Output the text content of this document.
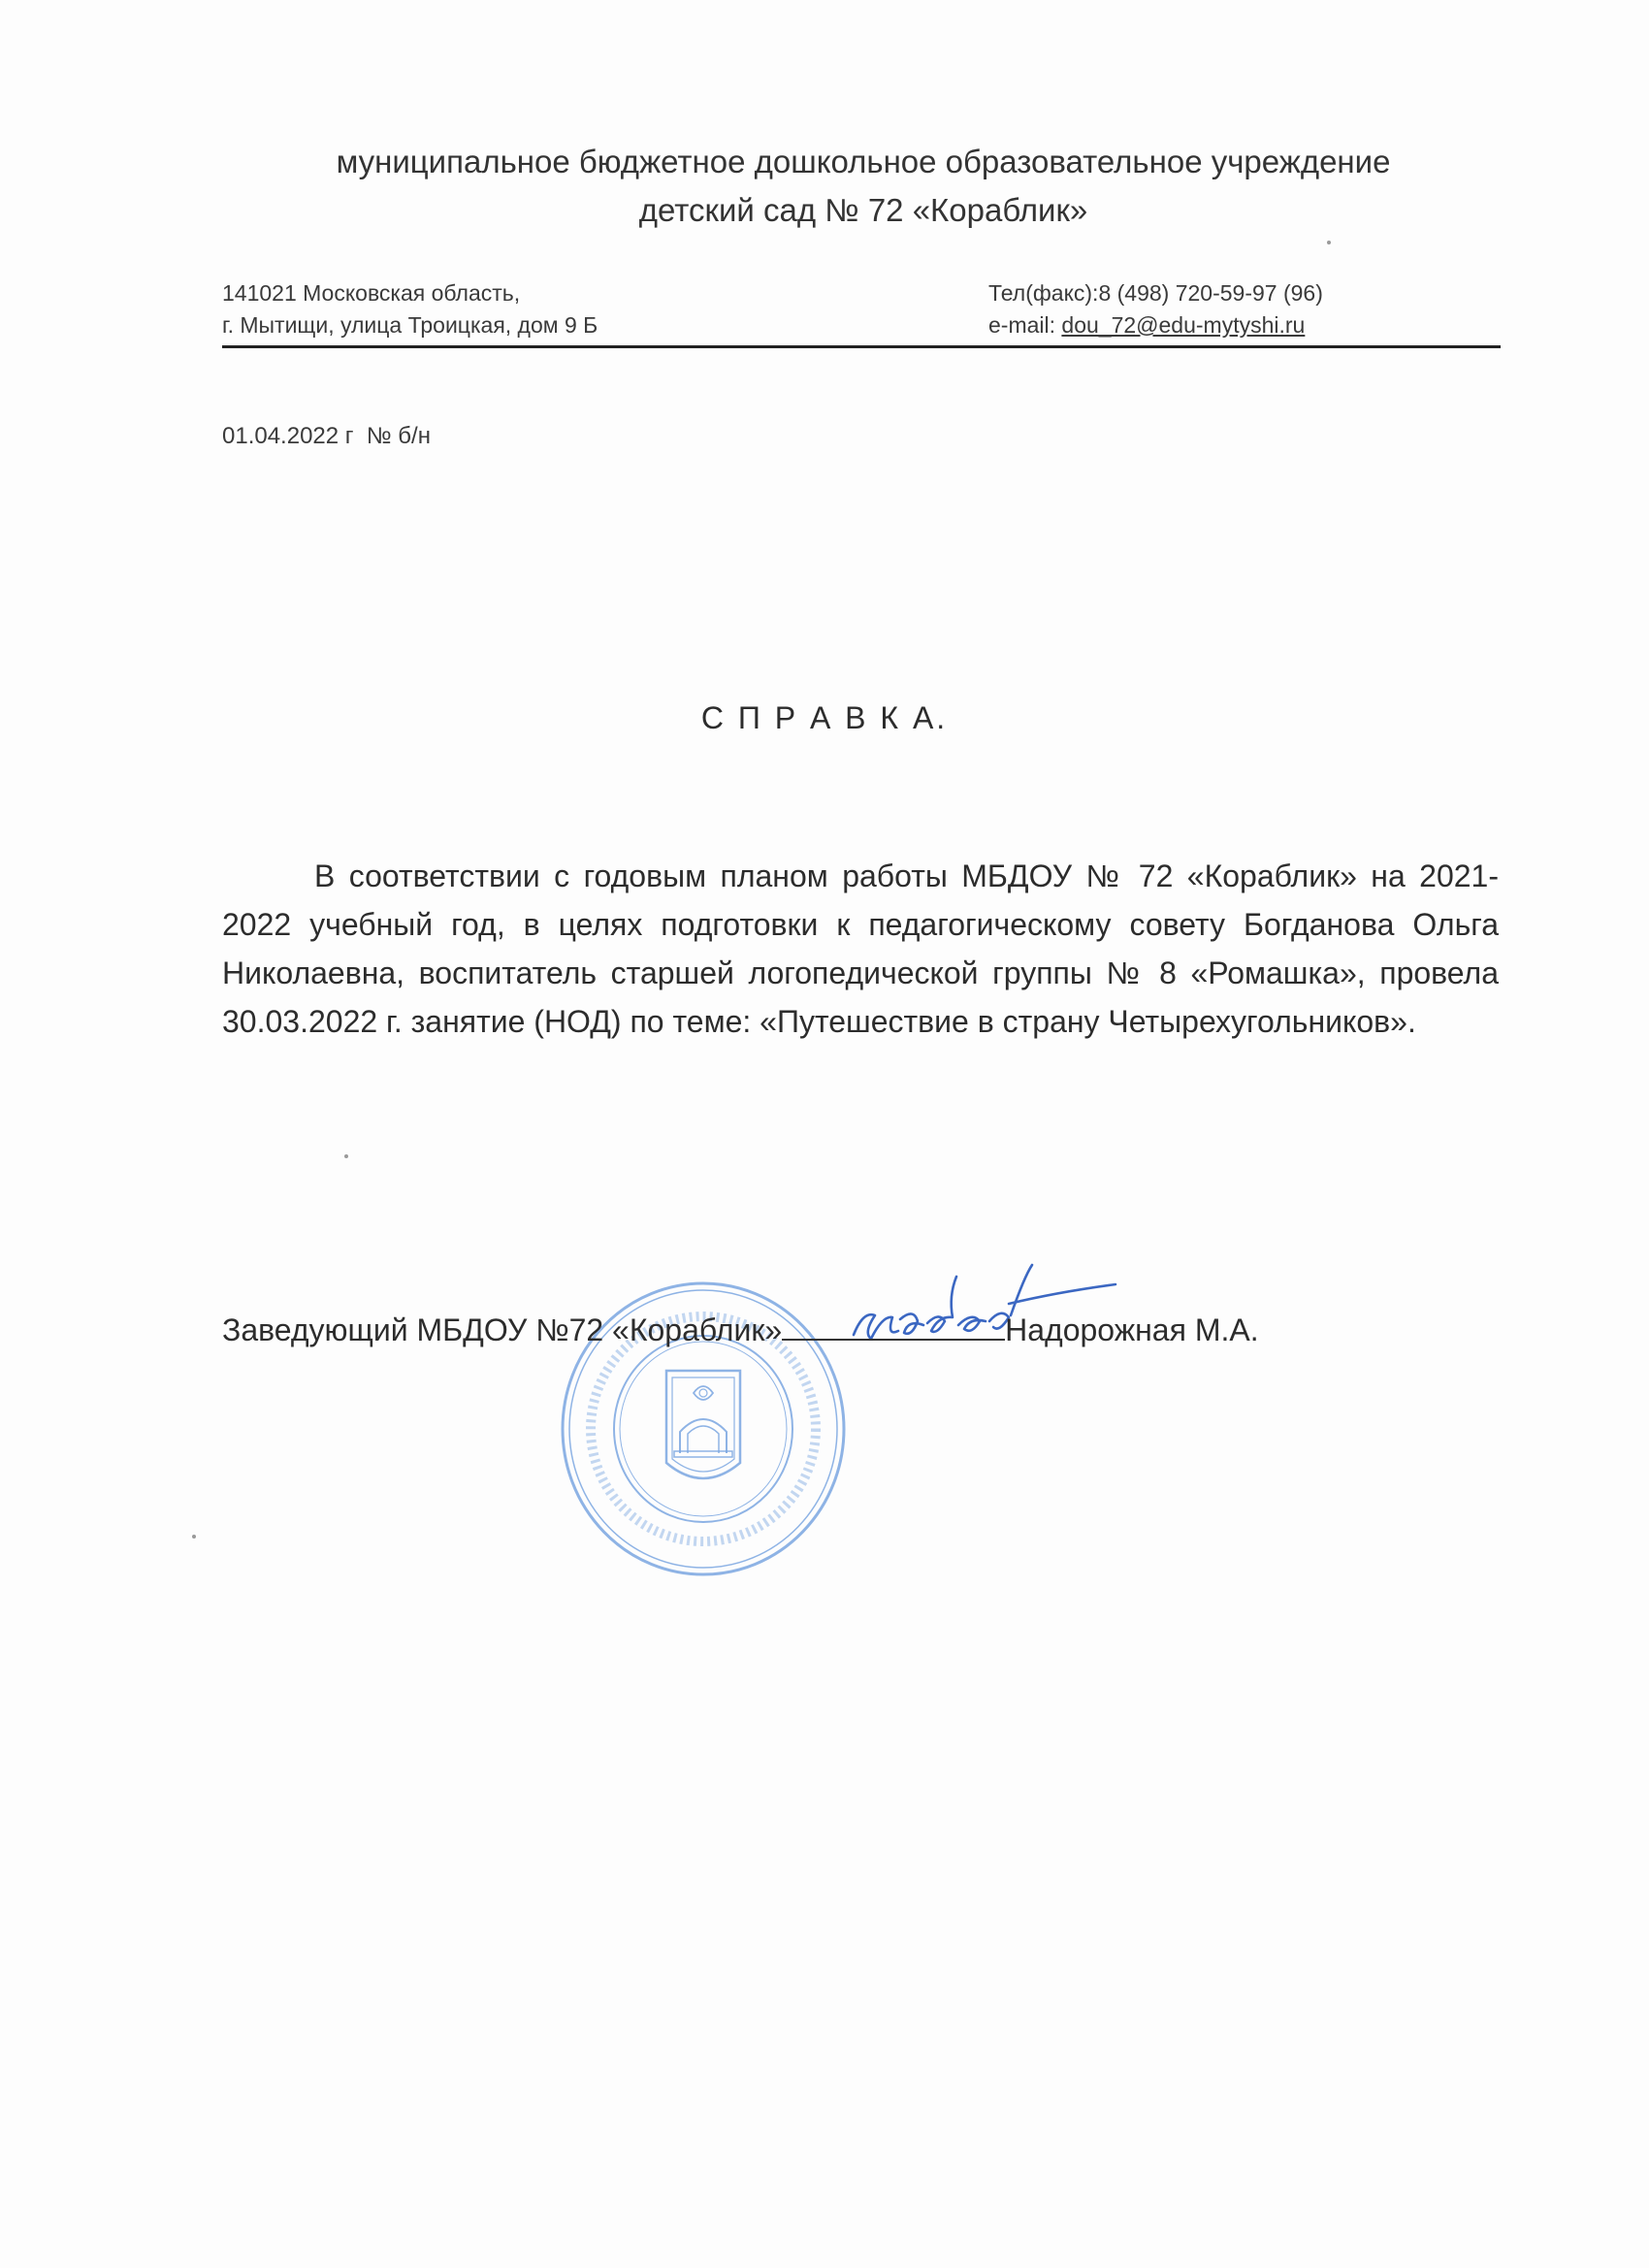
муниципальное бюджетное дошкольное образовательное учреждение
детский сад № 72 «Кораблик»
141021 Московская область,
г. Мытищи, улица Троицкая, дом 9 Б
Тел(факс):8 (498) 720-59-97 (96)
e-mail: dou_72@edu-mytyshi.ru
01.04.2022 г  № б/н
С П Р А В К А.
В соответствии с годовым планом работы МБДОУ № 72 «Кораблик» на 2021-2022 учебный год, в целях подготовки к педагогическому совету Богданова Ольга Николаевна, воспитатель старшей логопедической группы № 8 «Ромашка», провела 30.03.2022 г. занятие (НОД) по теме: «Путешествие в страну Четырехугольников».
Заведующий МБДОУ №72 «Кораблик»	Надорожная М.А.
